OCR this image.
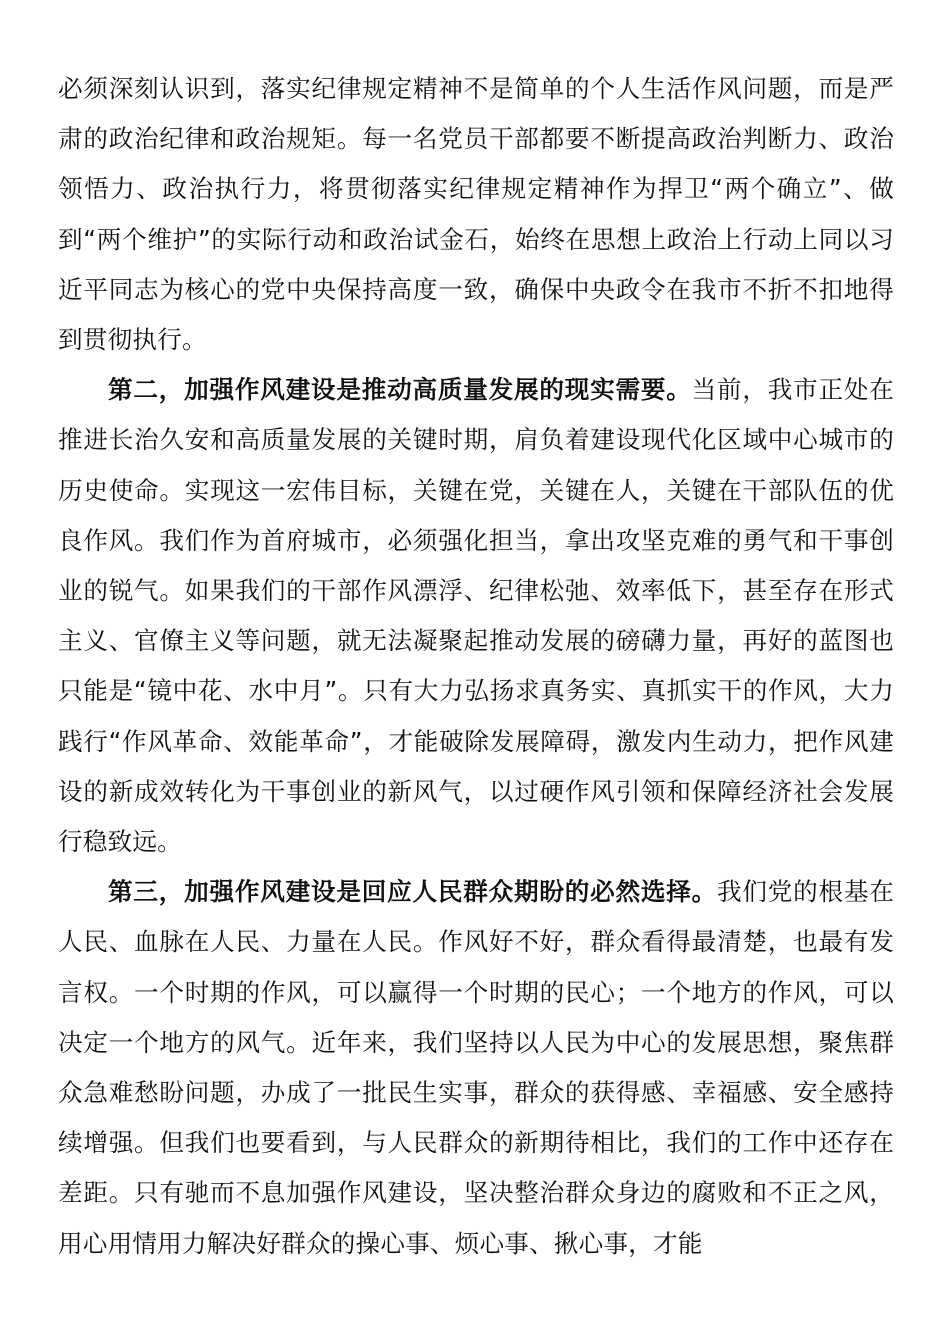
必须深刻认识到，落实纪律规定精神不是简单的个人生活作风问题，而是严肃的政治纪律和政治规矩。每一名党员干部都要不断提高政治判断力、政治领悟力、政治执行力，将贯彻落实纪律规定精神作为捍卫“两个确立”、做到“两个维护”的实际行动和政治试金石，始终在思想上政治上行动上同以习近平同志为核心的党中央保持高度一致，确保中央政令在我市不折不扣地得到贯彻执行。

第二，加强作风建设是推动高质量发展的现实需要。当前，我市正处在推进长治久安和高质量发展的关键时期，肩负着建设现代化区域中心城市的历史使命。实现这一宏伟目标，关键在党，关键在人，关键在干部队伍的优良作风。我们作为首府城市，必须强化担当，拿出攻坚克难的勇气和干事创业的锐气。如果我们的干部作风漂浮、纪律松弛、效率低下，甚至存在形式主义、官僚主义等问题，就无法凝聚起推动发展的磅礴力量，再好的蓝图也只能是“镜中花、水中月”。只有大力弘扬求真务实、真抓实干的作风，大力践行“作风革命、效能革命”，才能破除发展障碍，激发内生动力，把作风建设的新成效转化为干事创业的新风气，以过硬作风引领和保障经济社会发展行稳致远。

第三，加强作风建设是回应人民群众期盼的必然选择。我们党的根基在人民、血脉在人民、力量在人民。作风好不好，群众看得最清楚，也最有发言权。一个时期的作风，可以赢得一个时期的民心；一个地方的作风，可以决定一个地方的风气。近年来，我们坚持以人民为中心的发展思想，聚焦群众急难愁盼问题，办成了一批民生实事，群众的获得感、幸福感、安全感持续增强。但我们也要看到，与人民群众的新期待相比，我们的工作中还存在差距。只有驰而不息加强作风建设，坚决整治群众身边的腐败和不正之风，用心用情用力解决好群众的操心事、烦心事、揪心事，才能
